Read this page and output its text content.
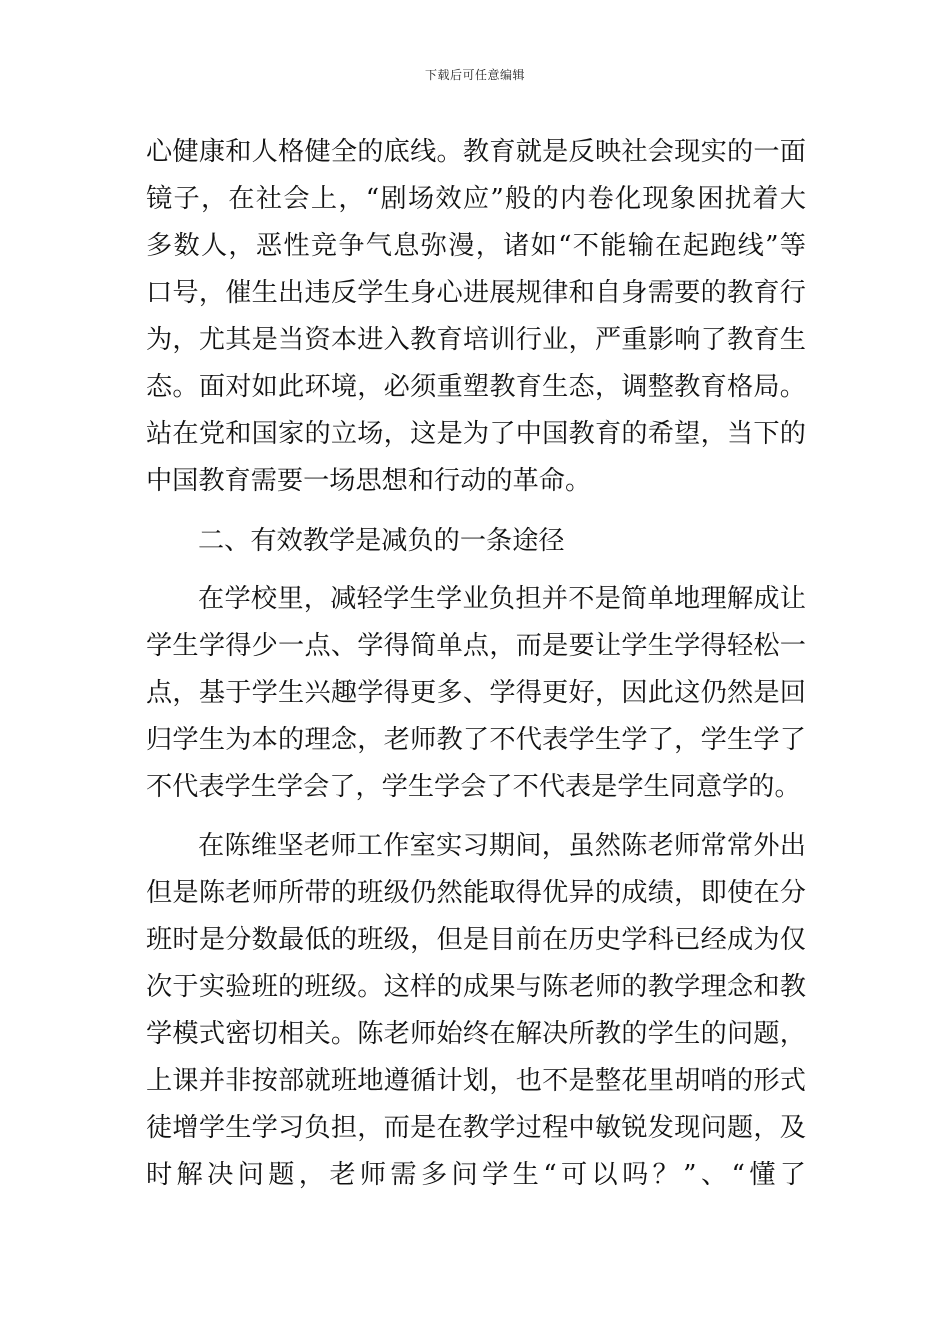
下载后可任意编辑
心健康和人格健全的底线。教育就是反映社会现实的一面
镜子，在社会上，“剧场效应”般的内卷化现象困扰着大
多数人，恶性竞争气息弥漫，诸如“不能输在起跑线”等
口号，催生出违反学生身心进展规律和自身需要的教育行
为，尤其是当资本进入教育培训行业，严重影响了教育生
态。面对如此环境，必须重塑教育生态，调整教育格局。
站在党和国家的立场，这是为了中国教育的希望，当下的
中国教育需要一场思想和行动的革命。
二、有效教学是减负的一条途径
在学校里，减轻学生学业负担并不是简单地理解成让
学生学得少一点、学得简单点，而是要让学生学得轻松一
点，基于学生兴趣学得更多、学得更好，因此这仍然是回
归学生为本的理念，老师教了不代表学生学了，学生学了
不代表学生学会了，学生学会了不代表是学生同意学的。
在陈维坚老师工作室实习期间，虽然陈老师常常外出
但是陈老师所带的班级仍然能取得优异的成绩，即使在分
班时是分数最低的班级，但是目前在历史学科已经成为仅
次于实验班的班级。这样的成果与陈老师的教学理念和教
学模式密切相关。陈老师始终在解决所教的学生的问题，
上课并非按部就班地遵循计划，也不是整花里胡哨的形式
徒增学生学习负担，而是在教学过程中敏锐发现问题，及
时解决问题，老师需多问学生“可以吗？”、“懂了
